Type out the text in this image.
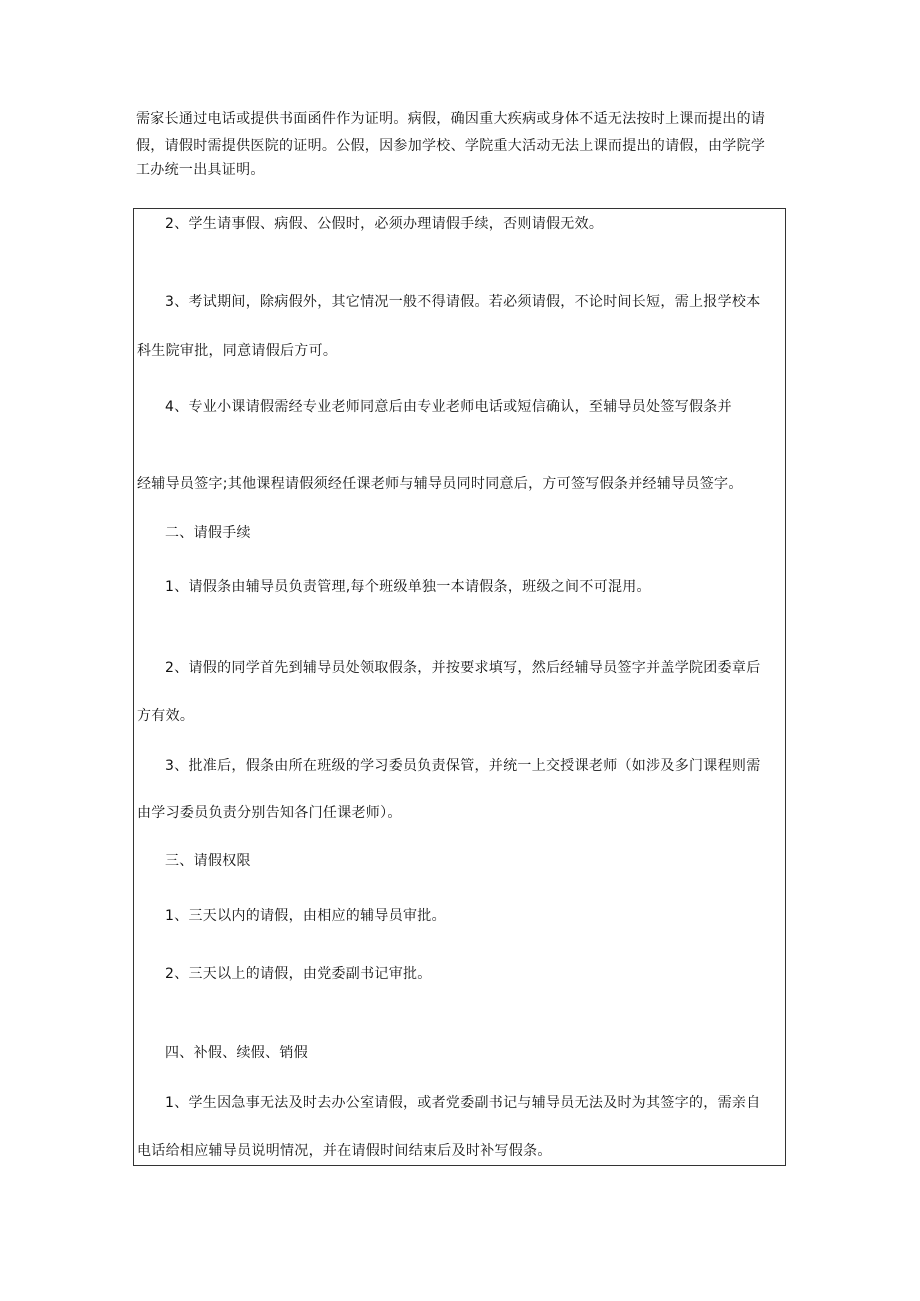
需家长通过电话或提供书面函件作为证明。病假，确因重大疾病或身体不适无法按时上课而提出的请
假，请假时需提供医院的证明。公假，因参加学校、学院重大活动无法上课而提出的请假，由学院学
工办统一出具证明。
2、学生请事假、病假、公假时，必须办理请假手续，否则请假无效。
3、考试期间，除病假外，其它情况一般不得请假。若必须请假，不论时间长短，需上报学校本
科生院审批，同意请假后方可。
4、专业小课请假需经专业老师同意后由专业老师电话或短信确认，至辅导员处签写假条并
经辅导员签字;其他课程请假须经任课老师与辅导员同时同意后，方可签写假条并经辅导员签字。
二、请假手续
1、请假条由辅导员负责管理,每个班级单独一本请假条，班级之间不可混用。
2、请假的同学首先到辅导员处领取假条，并按要求填写，然后经辅导员签字并盖学院团委章后
方有效。
3、批准后，假条由所在班级的学习委员负责保管，并统一上交授课老师（如涉及多门课程则需
由学习委员负责分别告知各门任课老师）。
三、请假权限
1、三天以内的请假，由相应的辅导员审批。
2、三天以上的请假，由党委副书记审批。
四、补假、续假、销假
1、学生因急事无法及时去办公室请假，或者党委副书记与辅导员无法及时为其签字的，需亲自
电话给相应辅导员说明情况，并在请假时间结束后及时补写假条。
